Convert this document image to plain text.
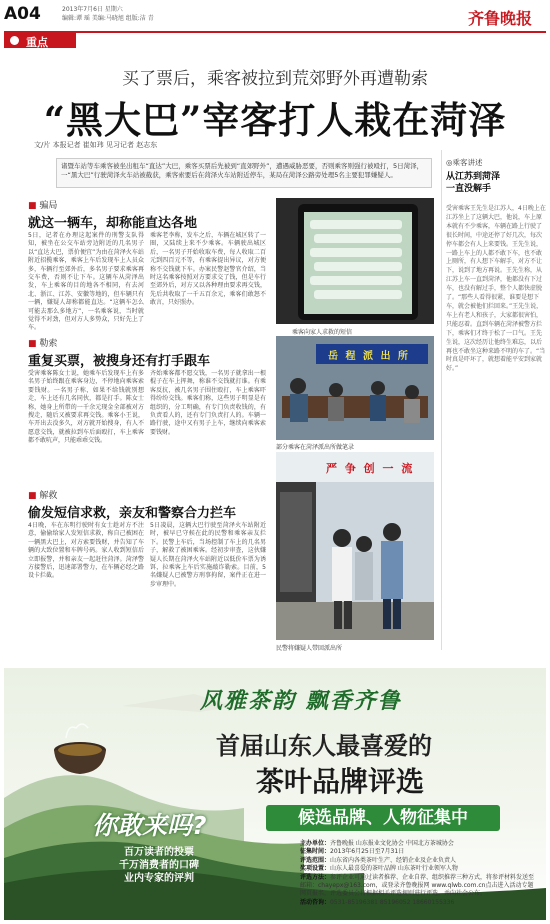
A04	2013年7月6日 星期六
编辑:谭 瑶 美编:马晓旭 组版:洁 青	齐鲁晚报
重点
买了票后，乘客被拉到荒郊野外再遭勒索
“黑大巴”宰客打人栽在菏泽
文/片 本报记者 崔如玮 见习记者 赵志东
诸暨车站等车乘客被坐出租车“直达”大巴，乘客买票后先被到“直郊野外”，遭遇威胁恶要，否则乘客则强行被殴打，5日菏泽，一“黑大巴”行驶菏泽火车站被截获，乘客索要后在菏泽火车站附近停车，某局在菏泽公路旁处理5名主要犯罪嫌疑人。
◎乘客讲述
从江苏到菏泽
一直没解手
受害乘客王先生是江苏人，4日晚上在江苏坐上了这辆大巴，他说，车上原本就有不少乘客，车辆在路上行驶了很长时间，中途还停了好几次，每次停车都会有人上来要钱。王先生说，一路上车上的人都不敢下车，也不敢上厕所，有人想下车解手，对方不让下，说到了地方再说。王先生称，从江苏上车一直到菏泽，他都没有下过车，也没有解过手，整个人都快虚脱了。“那些人看得很紧，谁要是想下车，就会被他们拦回来。”王先生说，车上有老人和孩子，大家都很害怕，只能忍着。直到车辆在菏泽被警方拦下，乘客们才终于松了一口气。王先生说，这次经历让他终生难忘，以后再也不敢坐这种来路不明的车了。“当时真是吓坏了，就想着能平安到家就好。”
■ 骗局
就这一辆车，却称能直达各地
5日，记者在办理这起案件的刑警支队得知，被坐在公交车站旁边附近的几名男子以“直达大巴，票价便宜”为由在菏泽火车站附近招揽乘客，乘客上车后发现车上人员众多，车辆行至郊外后，多名男子要求乘客再交车费，否则不让下车。这辆车从菏泽出发，车上乘客的目的地各不相同，有去河北、浙江、江苏、安徽等地的，但车辆只有一辆，嫌疑人却称都能直达。“这辆车怎么可能去那么多地方”，一名乘客说，当时就觉得不对劲，但对方人多势众，只好先上了车。
乘客老李称，发车之后，车辆在城区转了一圈，又陆续上来不少乘客。车辆驶出城区后，一名男子开始收取车费，每人收取二百元到四百元不等，有乘客提出异议，对方便称不交钱就下车。办案民警赵警官介绍，当时这名乘客按照对方要求交了钱，但是车行至郊外后，对方又以各种理由要求再交钱，先后共收取了一千五百余元，乘客们敢怒不敢言，只好照办。
乘客向家人求救的短信
■ 勒索
重复买票，被搜身还有打手跟车
受害乘客陈女士说，她乘车后发现车上有多名男子始终跟在乘客身边，不停地向乘客索要钱财。一名男子称，如果不给钱就别想走，车上还有几名同伙，都是打手。陈女士称，她身上所带的一千余元现金全部被对方搜走，随后又被要求再交钱。乘客小王说，车开出去没多久，对方就开始搜身，有人不愿意交钱，就被拉到车后面殴打，车上乘客都不敢吭声，只能乖乖交钱。
齐始乘客都不愿交钱，一名男子就拿出一根棍子在车上挥舞，称谁不交钱就打谁。有乘客反抗，被几名男子围住殴打，车上乘客吓得纷纷交钱。乘客们称，这些男子明显是有组织的，分工明确，有专门负责收钱的，有负责看人的，还有专门负责打人的。车辆一路行驶，途中又有男子上车，继续向乘客索要钱财。
岳 程 派 出 所
部分乘客在菏泽派出所做笔录
■ 解救
偷发短信求救，亲友和警察合力拦车
4日晚，车在东明行驶时有女士趁对方不注意，偷偷给家人发短信求救，称自己被困在一辆黑大巴上，对方索要钱财，并告知了车辆的大致位置和车牌号码。家人收到短信后立即报警，并和亲友一起赶往菏泽。菏泽警方接警后，迅速部署警力，在车辆必经之路设卡拦截。
5日凌晨，这辆大巴行驶至菏泽火车站附近时，被早已守候在此的民警和乘客亲友拦下。民警上车后，当场控制了车上的几名男子，解救了被困乘客。经初步审查，这伙嫌疑人长期在菏泽火车站附近以低价车票为诱饵，拉乘客上车后实施敲诈勒索。目前，5名嫌疑人已被警方刑事拘留，案件正在进一步审理中。
严 争 创 一 流
民警将嫌疑人带回派出所
风雅茶韵 飘香齐鲁
首届山东人最喜爱的
茶叶品牌评选
候选品牌、人物征集中
你敢来吗?
百万读者的投票
千万消费者的口碑
业内专家的评判
主办单位：齐鲁晚报 山东报业文化协会 中国北方茶城协会
征集时间：2013年6月25日至7月31日
评选范围：山东省内各类茶叶生产、经销企业及企业负责人
奖项设置：山东人最喜爱的茶叶品牌 山东茶叶行业领军人物
评选方法：参评企业可通过读者推荐、企业自荐、组织推荐三种方式，将参评材料发送至邮箱：chayepx@163.com，或登录齐鲁晚报网 www.qlwb.com.cn点击进入活动专题网页报名，评选委员会将根据相关评选规则进行评选，并向社会公布。
活动咨询：0531-85196381 85196052 18660155336
